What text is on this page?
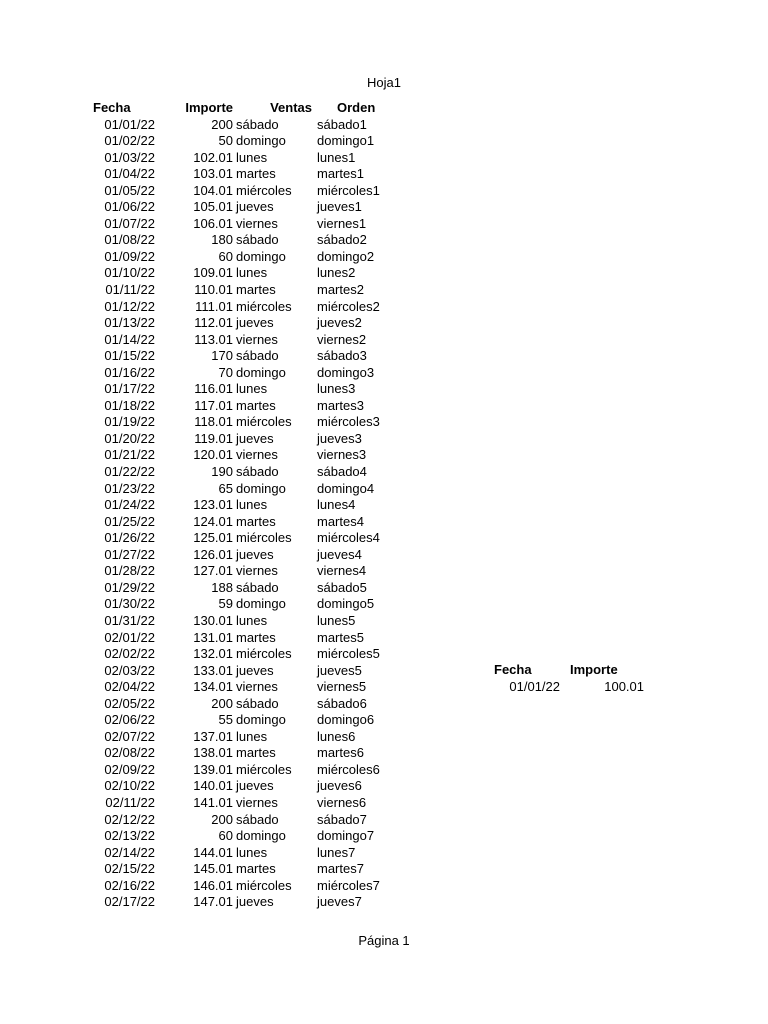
Hoja1
Fecha	Importe	Ventas	Orden
01/01/22	200	sábado	sábado1
01/02/22	50	domingo	domingo1
01/03/22	102.01	lunes	lunes1
01/04/22	103.01	martes	martes1
01/05/22	104.01	miércoles	miércoles1
01/06/22	105.01	jueves	jueves1
01/07/22	106.01	viernes	viernes1
01/08/22	180	sábado	sábado2
01/09/22	60	domingo	domingo2
01/10/22	109.01	lunes	lunes2
01/11/22	110.01	martes	martes2
01/12/22	111.01	miércoles	miércoles2
01/13/22	112.01	jueves	jueves2
01/14/22	113.01	viernes	viernes2
01/15/22	170	sábado	sábado3
01/16/22	70	domingo	domingo3
01/17/22	116.01	lunes	lunes3
01/18/22	117.01	martes	martes3
01/19/22	118.01	miércoles	miércoles3
01/20/22	119.01	jueves	jueves3
01/21/22	120.01	viernes	viernes3
01/22/22	190	sábado	sábado4
01/23/22	65	domingo	domingo4
01/24/22	123.01	lunes	lunes4
01/25/22	124.01	martes	martes4
01/26/22	125.01	miércoles	miércoles4
01/27/22	126.01	jueves	jueves4
01/28/22	127.01	viernes	viernes4
01/29/22	188	sábado	sábado5
01/30/22	59	domingo	domingo5
01/31/22	130.01	lunes	lunes5
02/01/22	131.01	martes	martes5
02/02/22	132.01	miércoles	miércoles5
02/03/22	133.01	jueves	jueves5
02/04/22	134.01	viernes	viernes5
02/05/22	200	sábado	sábado6
02/06/22	55	domingo	domingo6
02/07/22	137.01	lunes	lunes6
02/08/22	138.01	martes	martes6
02/09/22	139.01	miércoles	miércoles6
02/10/22	140.01	jueves	jueves6
02/11/22	141.01	viernes	viernes6
02/12/22	200	sábado	sábado7
02/13/22	60	domingo	domingo7
02/14/22	144.01	lunes	lunes7
02/15/22	145.01	martes	martes7
02/16/22	146.01	miércoles	miércoles7
02/17/22	147.01	jueves	jueves7
Fecha	Importe
01/01/22	100.01
Página 1
